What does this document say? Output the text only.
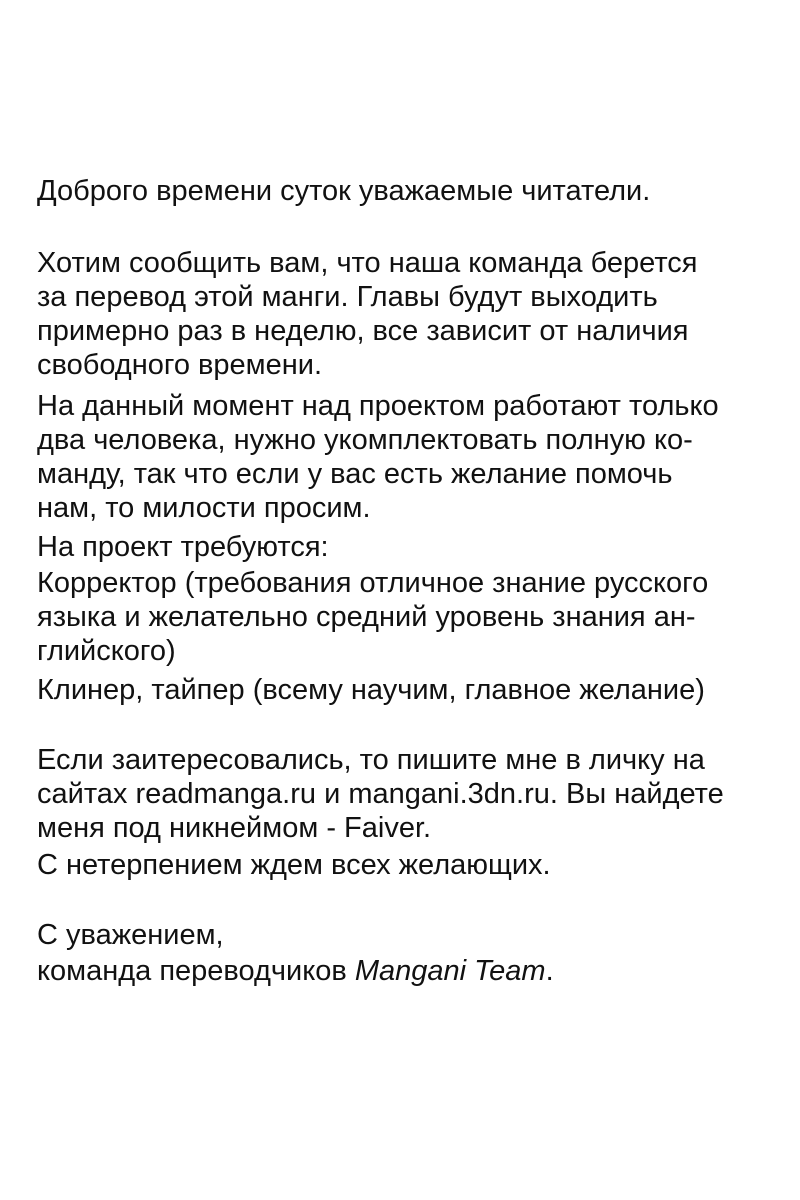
Доброго времени суток уважаемые читатели.

Хотим сообщить вам, что наша команда берется

за перевод этой манги. Главы будут выходить

примерно раз в неделю, все зависит от наличия

свободного времени.

На данный момент над проектом работают только

два человека, нужно укомплектовать полную ко-

манду, так что если у вас есть желание помочь

нам, то милости просим.

На проект требуются:

Корректор (требования отличное знание русского

языка и желательно средний уровень знания ан-

глийского)

Клинер, тайпер (всему научим, главное желание)

Если заитересовались, то пишите мне в личку на

сайтах readmanga.ru и mangani.3dn.ru. Вы найдете

меня под никнеймом - Faiver.

С нетерпением ждем всех желающих.

С уважением,

команда переводчиков Mangani Team.
